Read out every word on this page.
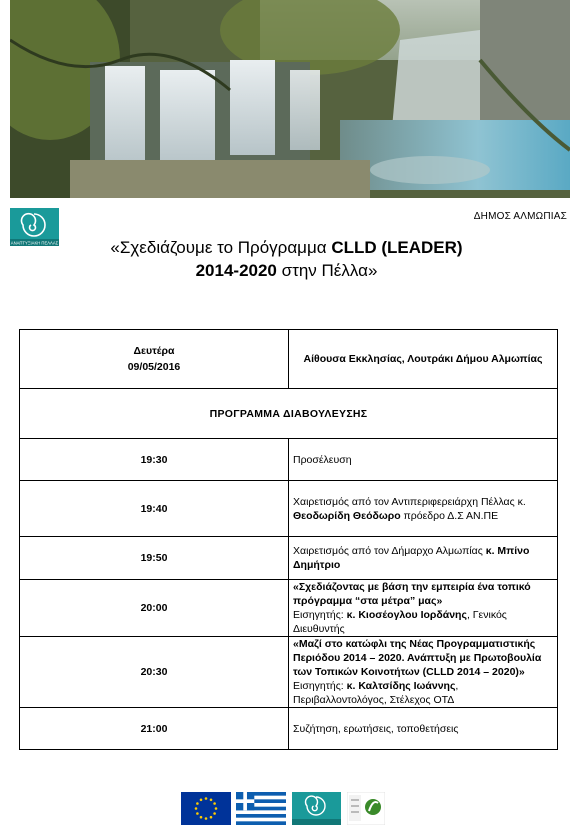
ΑΝΑΠΤΥΞΙΑΚΗ ΠΕΛΛΑΣ
ΔΗΜΟΣ ΑΛΜΩΠΙΑΣ
«Σχεδιάζουμε το Πρόγραμμα CLLD (LEADER)
2014-2020 στην Πέλλα»
Δευτέρα
09/05/2016	Αίθουσα Εκκλησίας, Λουτράκι Δήμου Αλμωπίας
ΠΡΟΓΡΑΜΜΑ ΔΙΑΒΟΥΛΕΥΣΗΣ	
19:30	Προσέλευση
19:40	Χαιρετισμός από τον Αντιπεριφερειάρχη Πέλλας κ. Θεοδωρίδη Θεόδωρο πρόεδρο Δ.Σ ΑΝ.ΠΕ
19:50	Χαιρετισμός από τον Δήμαρχο Αλμωπίας κ. Μπίνο Δημήτριο
20:00	«Σχεδιάζοντας με βάση την εμπειρία ένα τοπικό πρόγραμμα “στα μέτρα” μας»
Εισηγητής: κ. Κιοσέογλου Ιορδάνης, Γενικός Διευθυντής

20:30	«Μαζί στο κατώφλι της Νέας Προγραμματιστικής Περιόδου 2014 – 2020. Ανάπτυξη με Πρωτοβουλία των Τοπικών Κοινοτήτων (CLLD 2014 – 2020)»
Εισηγητής: κ. Καλτσίδης Ιωάννης, Περιβαλλοντολόγος, Στέλεχος ΟΤΔ

21:00	Συζήτηση, ερωτήσεις, τοποθετήσεις
